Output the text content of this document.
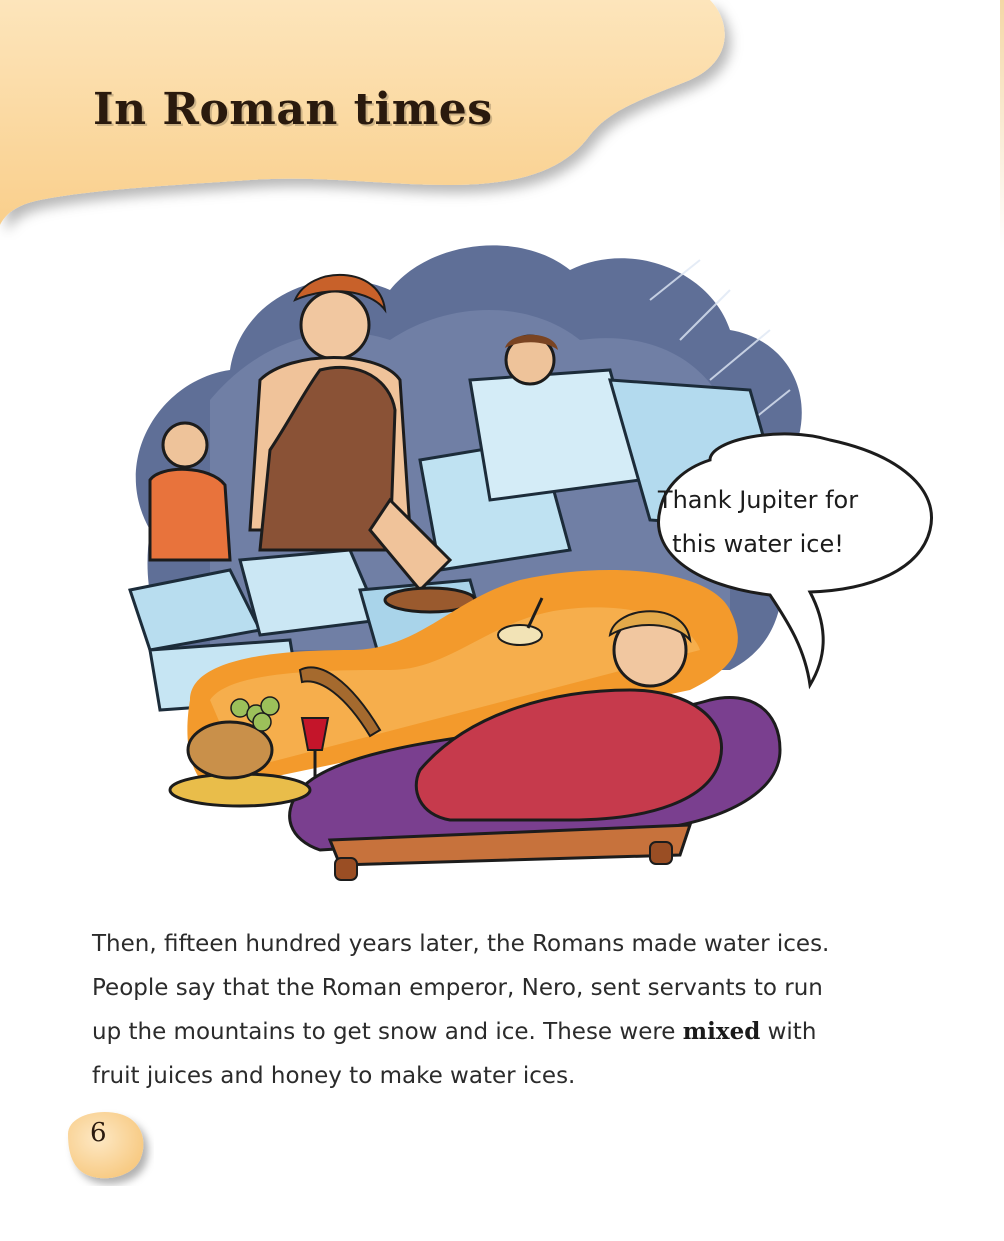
In Roman times
Thank Jupiter for
this water ice!
Then, fifteen hundred years later, the Romans made water ices.
People say that the Roman emperor, Nero, sent servants to run
up the mountains to get snow and ice. These were mixed with
fruit juices and honey to make water ices.
6
